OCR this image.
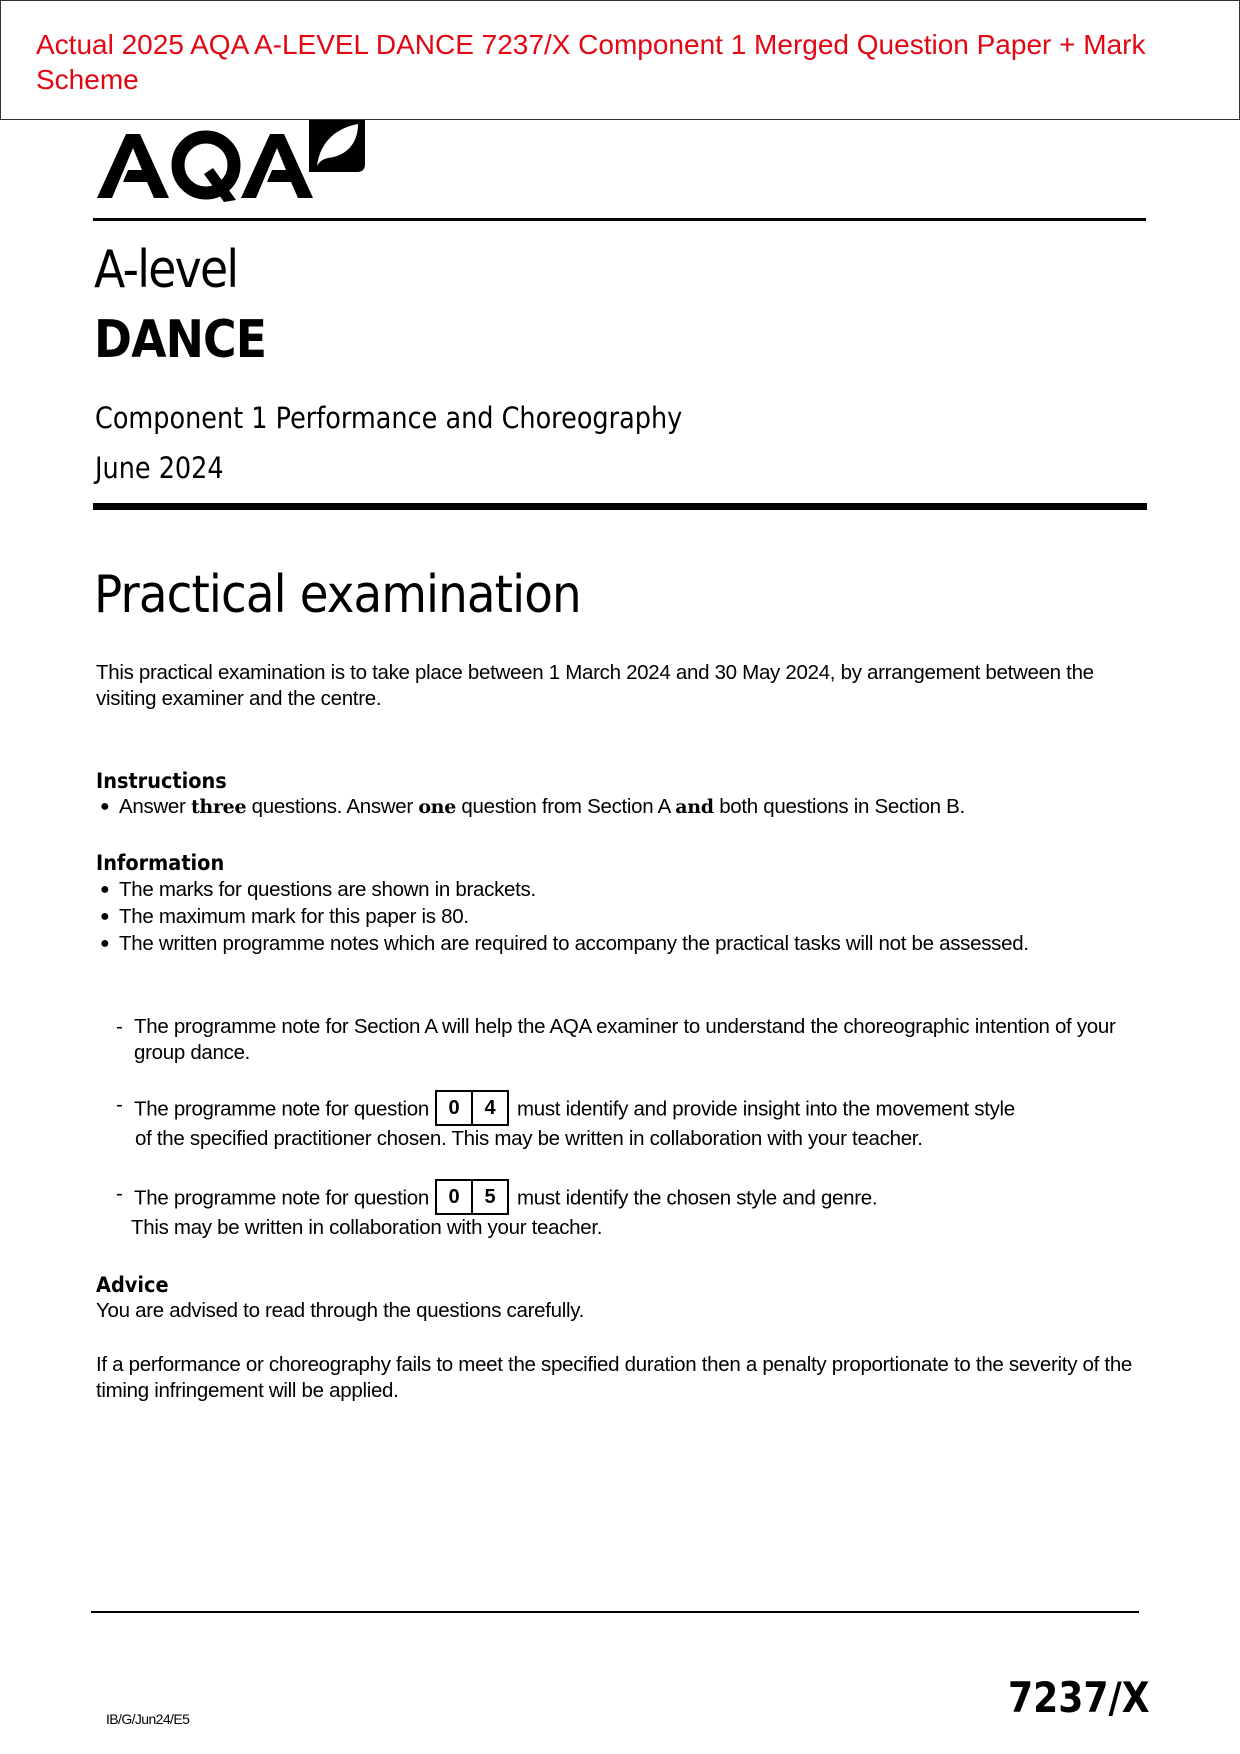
Actual 2025 AQA A-LEVEL DANCE 7237/X Component 1 Merged Question Paper + Mark Scheme
A-level
DANCE
Component 1 Performance and Choreography
June 2024
Practical examination
This practical examination is to take place between 1 March 2024 and 30 May 2024, by arrangement between the visiting examiner and the centre.
Instructions
● Answer three questions. Answer one question from Section A and both questions in Section B.
Information
● The marks for questions are shown in brackets.
● The maximum mark for this paper is 80.
● The written programme notes which are required to accompany the practical tasks will not be assessed.
- The programme note for Section A will help the AQA examiner to understand the choreographic intention of your group dance.
- The programme note for question 0	4	must identify and provide insight into the movement style
of the specified practitioner chosen. This may be written in collaboration with your teacher.
- The programme note for question 0	5	must identify the chosen style and genre.
This may be written in collaboration with your teacher.
Advice
You are advised to read through the questions carefully.
If a performance or choreography fails to meet the specified duration then a penalty proportionate to the severity of the timing infringement will be applied.
IB/G/Jun24/E5	7237/X
